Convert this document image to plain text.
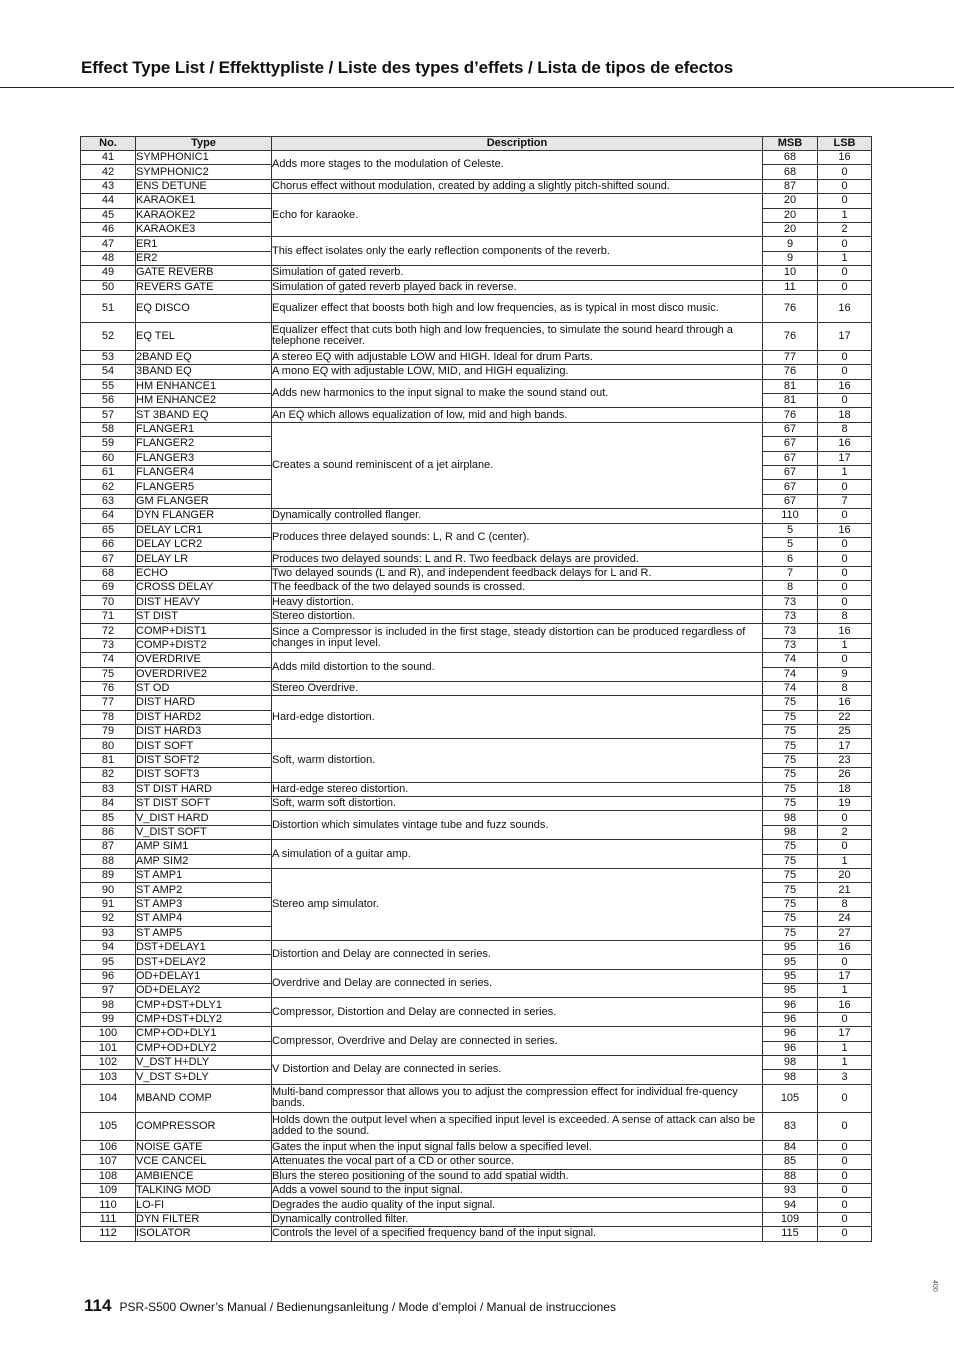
Effect Type List / Effekttypliste / Liste des types d’effets / Lista de tipos de efectos
No.	Type	Description	MSB	LSB
41	SYMPHONIC1	Adds more stages to the modulation of Celeste.	68	16
42	SYMPHONIC2		68	0
43	ENS DETUNE	Chorus effect without modulation, created by adding a slightly pitch-shifted sound.	87	0
44	KARAOKE1	Echo for karaoke.	20	0
45	KARAOKE2		20	1
46	KARAOKE3		20	2
47	ER1	This effect isolates only the early reflection components of the reverb.	9	0
48	ER2		9	1
49	GATE REVERB	Simulation of gated reverb.	10	0
50	REVERS GATE	Simulation of gated reverb played back in reverse.	11	0
51	EQ DISCO	Equalizer effect that boosts both high and low frequencies, as is typical in most disco music.	76	16
52	EQ TEL	Equalizer effect that cuts both high and low frequencies, to simulate the sound heard through a telephone receiver.	76	17
53	2BAND EQ	A stereo EQ with adjustable LOW and HIGH. Ideal for drum Parts.	77	0
54	3BAND EQ	A mono EQ with adjustable LOW, MID, and HIGH equalizing.	76	0
55	HM ENHANCE1	Adds new harmonics to the input signal to make the sound stand out.	81	16
56	HM ENHANCE2		81	0
57	ST 3BAND EQ	An EQ which allows equalization of low, mid and high bands.	76	18
58	FLANGER1	Creates a sound reminiscent of a jet airplane.	67	8
59	FLANGER2		67	16
60	FLANGER3		67	17
61	FLANGER4		67	1
62	FLANGER5		67	0
63	GM FLANGER		67	7
64	DYN FLANGER	Dynamically controlled flanger.	110	0
65	DELAY LCR1	Produces three delayed sounds: L, R and C (center).	5	16
66	DELAY LCR2		5	0
67	DELAY LR	Produces two delayed sounds: L and R. Two feedback delays are provided.	6	0
68	ECHO	Two delayed sounds (L and R), and independent feedback delays for L and R.	7	0
69	CROSS DELAY	The feedback of the two delayed sounds is crossed.	8	0
70	DIST HEAVY	Heavy distortion.	73	0
71	ST DIST	Stereo distortion.	73	8
72	COMP+DIST1	Since a Compressor is included in the first stage, steady distortion can be produced regardless of changes in input level.	73	16
73	COMP+DIST2		73	1
74	OVERDRIVE	Adds mild distortion to the sound.	74	0
75	OVERDRIVE2		74	9
76	ST OD	Stereo Overdrive.	74	8
77	DIST HARD	Hard-edge distortion.	75	16
78	DIST HARD2		75	22
79	DIST HARD3		75	25
80	DIST SOFT	Soft, warm distortion.	75	17
81	DIST SOFT2		75	23
82	DIST SOFT3		75	26
83	ST DIST HARD	Hard-edge stereo distortion.	75	18
84	ST DIST SOFT	Soft, warm soft distortion.	75	19
85	V_DIST HARD	Distortion which simulates vintage tube and fuzz sounds.	98	0
86	V_DIST SOFT		98	2
87	AMP SIM1	A simulation of a guitar amp.	75	0
88	AMP SIM2		75	1
89	ST AMP1	Stereo amp simulator.	75	20
90	ST AMP2		75	21
91	ST AMP3		75	8
92	ST AMP4		75	24
93	ST AMP5		75	27
94	DST+DELAY1	Distortion and Delay are connected in series.	95	16
95	DST+DELAY2		95	0
96	OD+DELAY1	Overdrive and Delay are connected in series.	95	17
97	OD+DELAY2		95	1
98	CMP+DST+DLY1	Compressor, Distortion and Delay are connected in series.	96	16
99	CMP+DST+DLY2		96	0
100	CMP+OD+DLY1	Compressor, Overdrive and Delay are connected in series.	96	17
101	CMP+OD+DLY2		96	1
102	V_DST H+DLY	V Distortion and Delay are connected in series.	98	1
103	V_DST S+DLY		98	3
104	MBAND COMP	Multi-band compressor that allows you to adjust the compression effect for individual fre-quency bands.	105	0
105	COMPRESSOR	Holds down the output level when a specified input level is exceeded. A sense of attack can also be added to the sound.	83	0
106	NOISE GATE	Gates the input when the input signal falls below a specified level.	84	0
107	VCE CANCEL	Attenuates the vocal part of a CD or other source.	85	0
108	AMBIENCE	Blurs the stereo positioning of the sound to add spatial width.	88	0
109	TALKING MOD	Adds a vowel sound to the input signal.	93	0
110	LO-FI	Degrades the audio quality of the input signal.	94	0
111	DYN FILTER	Dynamically controlled filter.	109	0
112	ISOLATOR	Controls the level of a specified frequency band of the input signal.	115	0
114 PSR-S500 Owner’s Manual / Bedienungsanleitung / Mode d’emploi / Manual de instrucciones
400
